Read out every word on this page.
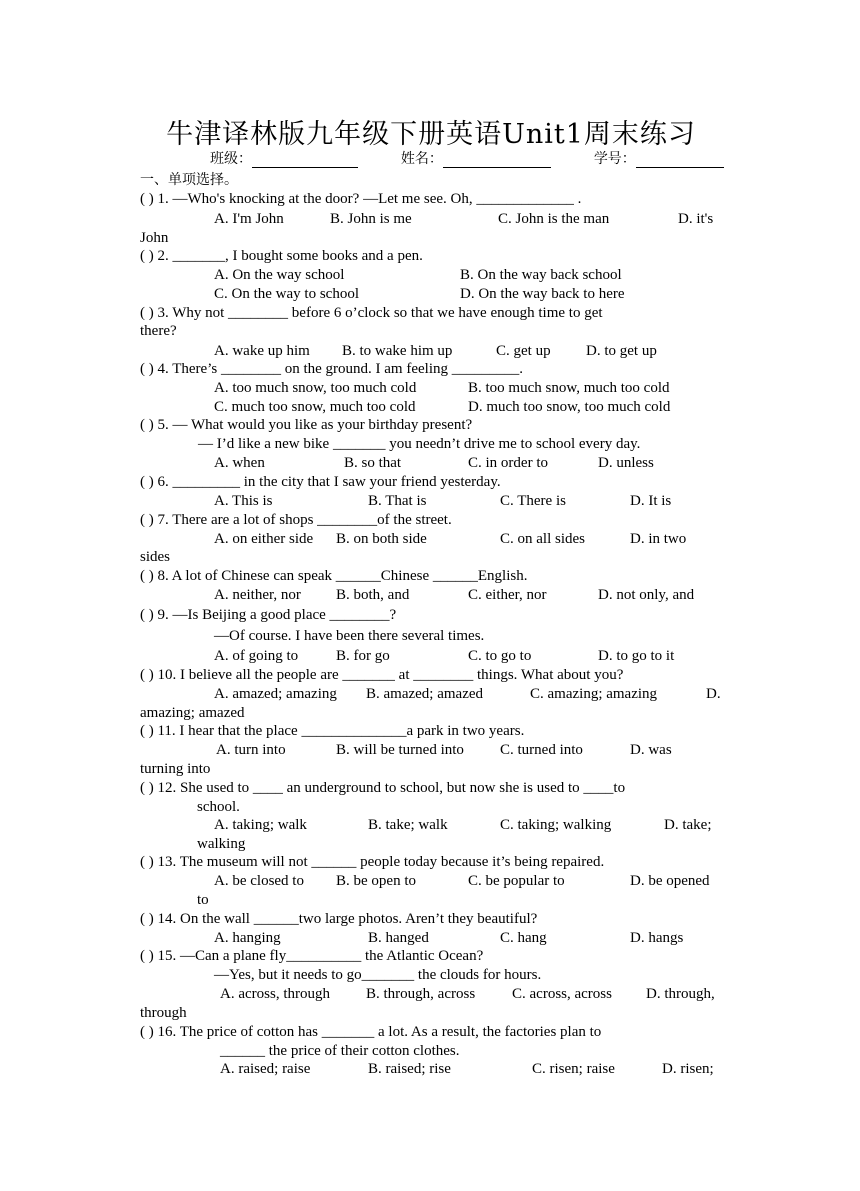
牛津译林版九年级下册英语Unit1周末练习
班级：	姓名：	学号：
一、单项选择。
( ) 1. —Who's knocking at the door? —Let me see. Oh, _____________ .
A. I'm John	B. John is me	C. John is the man	D. it's
John
( ) 2. _______, I bought some books and a pen.
A. On the way school	B. On the way back school
C. On the way to school	D. On the way back to here
( ) 3. Why not ________ before 6 o’clock so that we have enough time to get
there?
A. wake up him B. to wake him up	C. get up D. to get up
( ) 4. There’s ________ on the ground. I am feeling _________.
A. too much snow, too much cold	B. too much snow, much too cold
C. much too snow, much too cold	D. much too snow, too much cold
( ) 5. — What would you like as your birthday present?
— I’d like a new bike _______ you needn’t drive me to school every day.
A. when	B. so that	C. in order to	D. unless
( ) 6. _________ in the city that I saw your friend yesterday.
A. This is	B. That is	C. There is	D. It is
( ) 7. There are a lot of shops ________of the street.
A. on either side B. on both side	C. on all sides	D. in two
sides
( ) 8. A lot of Chinese can speak ______Chinese ______English.
A. neither, nor B. both, and	C. either, nor	D. not only, and
( ) 9. —Is Beijing a good place ________?
—Of course. I have been there several times.
A. of going to	B. for go	C. to go to	D. to go to it
( ) 10. I believe all the people are _______ at ________ things. What about you?
A. amazed; amazing B. amazed; amazed	C. amazing; amazing	D.
amazing; amazed
( ) 11. I hear that the place ______________a park in two years.
A. turn into	B. will be turned into C. turned into	D. was
turning into
( ) 12. She used to ____ an underground to school, but now she is used to ____to
school.
A. taking; walk	B. take; walk	C. taking; walking	D. take;
walking
( ) 13. The museum will not ______ people today because it’s being repaired.
A. be closed to B. be open to	C. be popular to	D. be opened
to
( ) 14. On the wall ______two large photos. Aren’t they beautiful?
A. hanging	B. hanged	C. hang	D. hangs
( ) 15. —Can a plane fly__________ the Atlantic Ocean?
—Yes, but it needs to go_______ the clouds for hours.
A. across, through B. through, across C. across, across D. through,
through
( ) 16. The price of cotton has _______ a lot. As a result, the factories plan to
______ the price of their cotton clothes.
A. raised; raise	B. raised; rise	C. risen; raise	D. risen;
